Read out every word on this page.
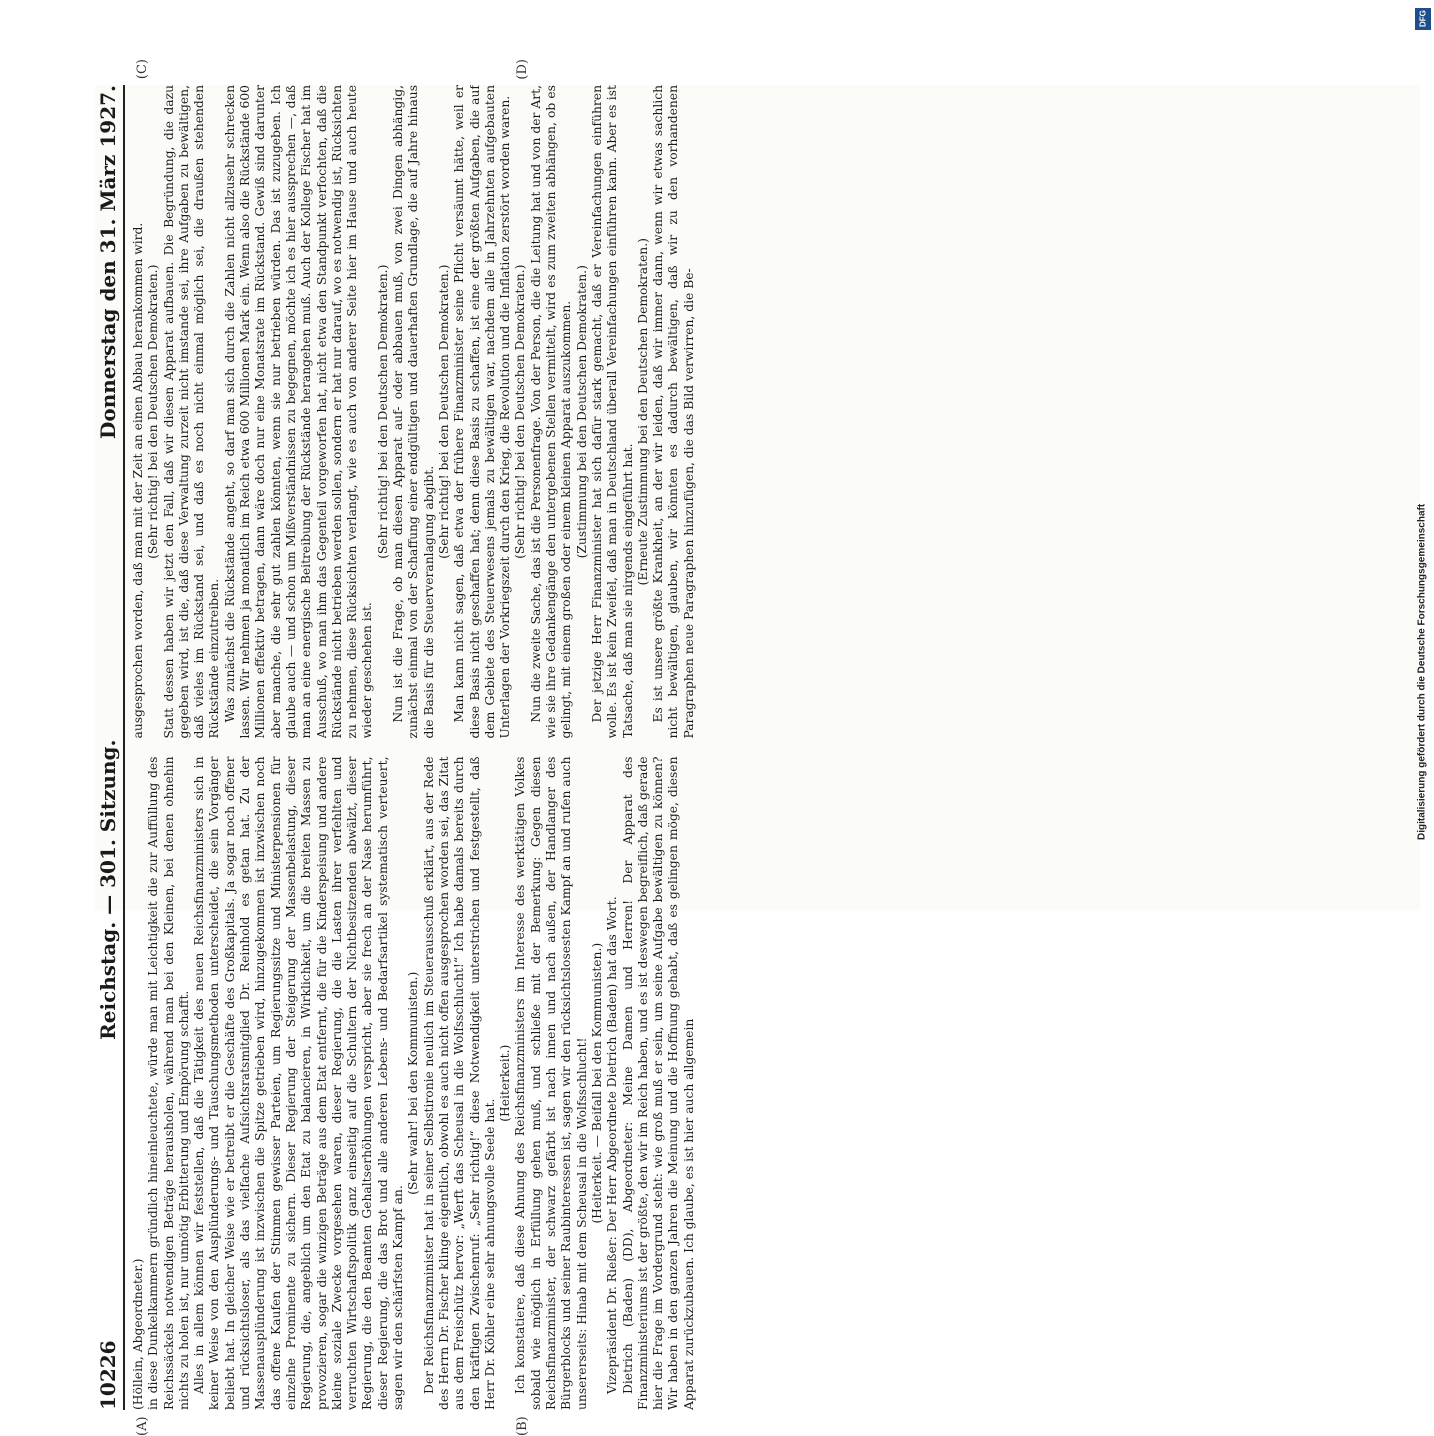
10226
Reichstag. — 301. Sitzung.
Donnerstag den 31. März 1927.

(Höllein, Abgeordneter.) in diese Dunkelkammern gründlich hineinleuchtete, würde man mit Leichtigkeit die zur Auffüllung des Reichssäckels notwendigen Beträge herausholen, während man bei den Kleinen, bei denen ohnehin nichts zu holen ist, nur unnötig Erbitterung und Empörung schafft. Alles in allem können wir feststellen, daß die Tätigkeit des neuen Reichsfinanzministers sich in keiner Weise von den Ausplünderungs- und Täuschungsmethoden unterscheidet, die sein Vorgänger beliebt hat. In gleicher Weise wie er betreibt er die Geschäfte des Großkapitals. Ja sogar noch offener und rücksichtsloser, als das vielfache Aufsichtsratsmitglied Dr. Reinhold es getan hat. Zu der Massenausplünderung ist inzwischen die Spitze getrieben wird, hinzugekommen ist inzwischen noch das offene Kaufen der Stimmen gewisser Parteien, um Regierungssitze und Ministerpensionen für einzelne Prominente zu sichern. Dieser Regierung der Steigerung der Massenbelastung, dieser Regierung, die, angeblich um den Etat zu balancieren, in Wirklichkeit, um die breiten Massen zu provozieren, sogar die winzigen Beträge aus dem Etat entfernt, die für die Kinderspeisung und andere kleine soziale Zwecke vorgesehen waren, dieser Regierung, die die Lasten ihrer verfehlten und verruchten Wirtschaftspolitik ganz einseitig auf die Schultern der Nichtbesitzenden abwälzt, dieser Regierung, die den Beamten Gehaltserhöhungen verspricht, aber sie frech an der Nase herumführt, dieser Regierung, die das Brot und alle anderen Lebens- und Bedarfsartikel systematisch verteuert, sagen wir den schärfsten Kampf an.

(Sehr wahr! bei den Kommunisten.) Der Reichsfinanzminister hat in seiner Selbstironie neulich im Steuerausschuß erklärt, aus der Rede des Herrn Dr. Fischer klinge eigentlich, obwohl es auch nicht offen ausgesprochen worden sei, das Zitat aus dem Freischütz hervor: „Werft das Scheusal in die Wolfsschlucht!“ Ich habe damals bereits durch den kräftigen Zwischenruf: „Sehr richtig!“ diese Notwendigkeit unterstrichen und festgestellt, daß Herr Dr. Köhler eine sehr ahnungsvolle Seele hat.

(Heiterkeit.) Ich konstatiere, daß diese Ahnung des Reichsfinanzministers im Interesse des werktätigen Volkes sobald wie möglich in Erfüllung gehen muß, und schließe mit der Bemerkung: Gegen diesen Reichsfinanzminister, der schwarz gefärbt ist nach innen und nach außen, der Handlanger des Bürgerblocks und seiner Raubinteressen ist, sagen wir den rücksichtslosesten Kampf an und rufen auch unsererseits: Hinab mit dem Scheusal in die Wolfsschlucht! (Heiterkeit. — Beifall bei den Kommunisten.) Vizepräsident Dr. Rießer: Der Herr Abgeordnete Dietrich (Baden) hat das Wort. Dietrich (Baden) (DD), Abgeordneter: Meine Damen und Herren! Der Apparat des Finanzministeriums ist der größte, den wir im Reich haben, und es ist deswegen begreiflich, daß gerade hier die Frage im Vordergrund steht: wie groß muß er sein, um seine Aufgabe bewältigen zu können? Wir haben in den ganzen Jahren die Meinung und die Hoffnung gehabt, daß es gelingen möge, diesen Apparat zurückzubauen. Ich glaube, es ist hier auch allgemein

ausgesprochen worden, daß man mit der Zeit an einen Abbau herankommen wird. (Sehr richtig! bei den Deutschen Demokraten.) Statt dessen haben wir jetzt den Fall, daß wir diesen Apparat aufbauen. Die Begründung, die dazu gegeben wird, ist die, daß diese Verwaltung zurzeit nicht imstande sei, ihre Aufgaben zu bewältigen, daß vieles im Rückstand sei, und daß es noch nicht einmal möglich sei, die draußen stehenden Rückstände einzutreiben. Was zunächst die Rückstände angeht, so darf man sich durch die Zahlen nicht allzusehr schrecken lassen. Wir nehmen ja monatlich im Reich etwa 600 Millionen Mark ein. Wenn also die Rückstände 600 Millionen effektiv betragen, dann wäre doch nur eine Monatsrate im Rückstand. Gewiß sind darunter aber manche, die sehr gut zahlen könnten, wenn sie nur betrieben würden. Das ist zuzugeben. Ich glaube auch — und schon um Mißverständnissen zu begegnen, möchte ich es hier aussprechen —, daß man an eine energische Beitreibung der Rückstände herangehen muß. Auch der Kollege Fischer hat im Ausschuß, wo man ihm das Gegenteil vorgeworfen hat, nicht etwa den Standpunkt verfochten, daß die Rückstände nicht betrieben werden sollen, sondern er hat nur darauf, wo es notwendig ist, Rücksichten zu nehmen, diese Rücksichten verlangt, wie es auch von anderer Seite hier im Hause und auch heute wieder geschehen ist.

(Sehr richtig! bei den Deutschen Demokraten.) Nun ist die Frage, ob man diesen Apparat auf- oder abbauen muß, von zwei Dingen abhängig, zunächst einmal von der Schaffung einer endgültigen und dauerhaften Grundlage, die auf Jahre hinaus die Basis für die Steuerveranlagung abgibt.

(Sehr richtig! bei den Deutschen Demokraten.) Man kann nicht sagen, daß etwa der frühere Finanzminister seine Pflicht versäumt hätte, weil er diese Basis nicht geschaffen hat; denn diese Basis zu schaffen, ist eine der größten Aufgaben, die auf dem Gebiete des Steuerwesens jemals zu bewältigen war, nachdem alle in Jahrzehnten aufgebauten Unterlagen der Vorkriegszeit durch den Krieg, die Revolution und die Inflation zerstört worden waren. (Sehr richtig! bei den Deutschen Demokraten.) Nun die zweite Sache, das ist die Personenfrage. Von der Person, die die Leitung hat und von der Art, wie sie ihre Gedankengänge den untergebenen Stellen vermittelt, wird es zum zweiten abhängen, ob es gelingt, mit einem großen oder einem kleinen Apparat auszukommen. (Zustimmung bei den Deutschen Demokraten.) Der jetzige Herr Finanzminister hat sich dafür stark gemacht, daß er Vereinfachungen einführen wolle. Es ist kein Zweifel, daß man in Deutschland überall Vereinfachungen einführen kann. Aber es ist Tatsache, daß man sie nirgends eingeführt hat.

(Erneute Zustimmung bei den Deutschen Demokraten.) Es ist unsere größte Krankheit, an der wir leiden, daß wir immer dann, wenn wir etwas sachlich nicht bewältigen, glauben, wir könnten es dadurch bewältigen, daß wir zu den vorhandenen Paragraphen neue Paragraphen hinzufügen, die das Bild verwirren, die Be-

(A)	(B)
(C)	(D)
DFG
Digitalisierung gefördert durch die Deutsche Forschungsgemeinschaft
